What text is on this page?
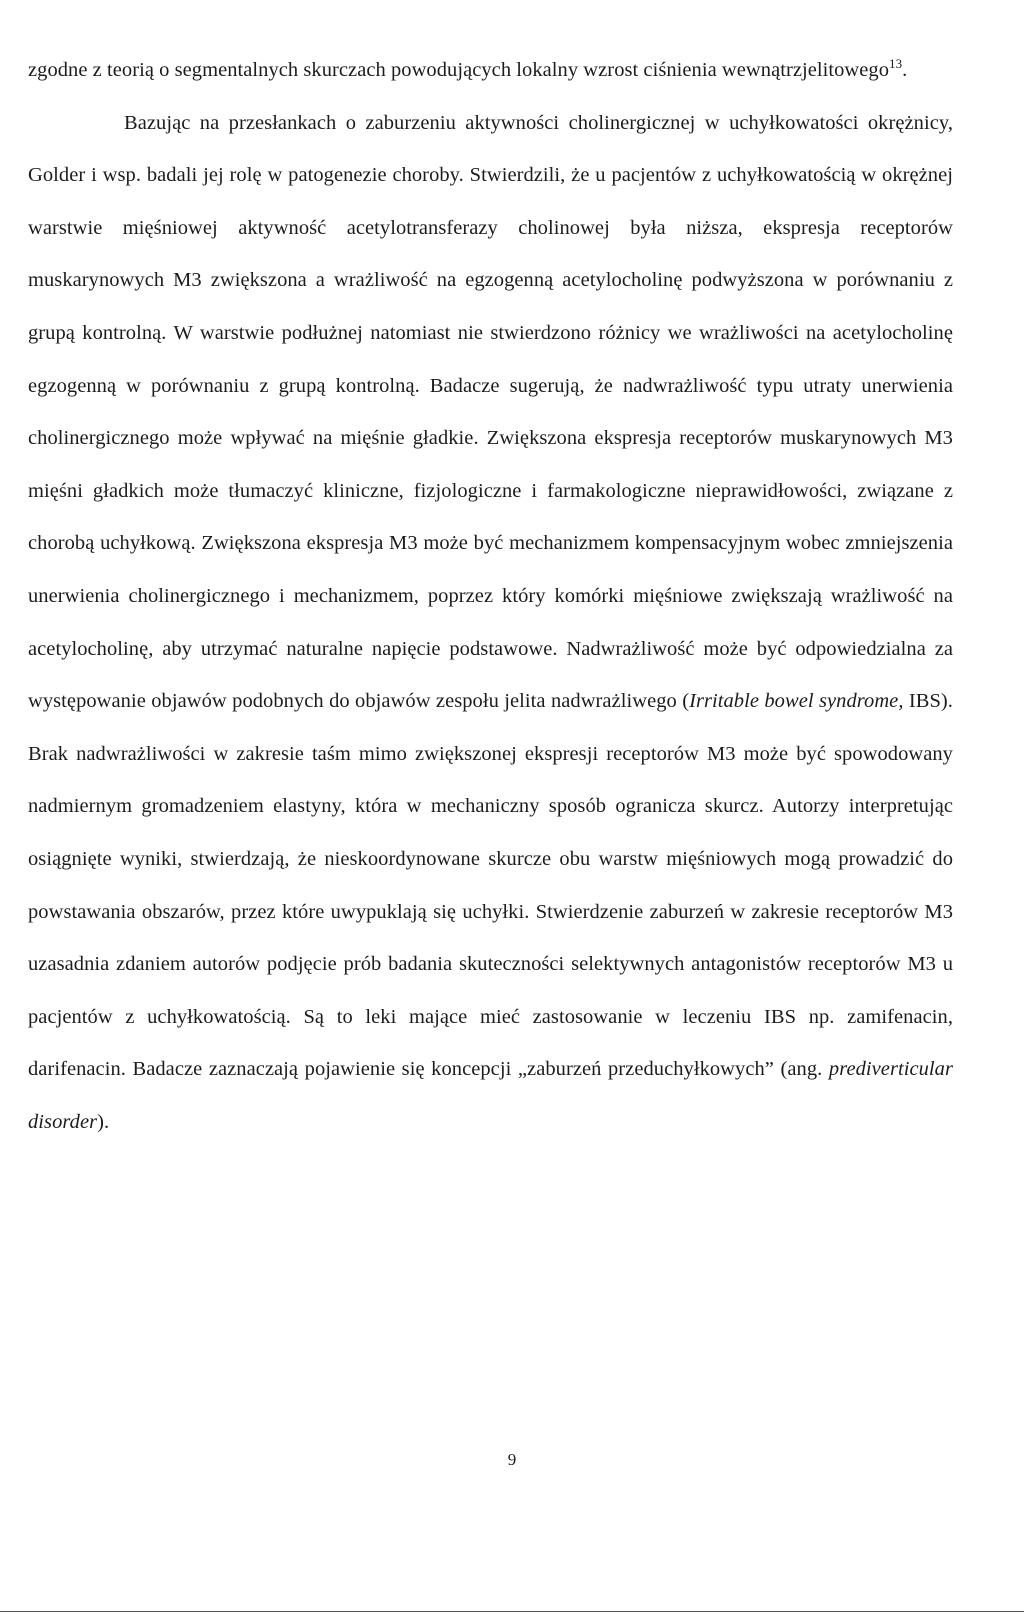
zgodne z teorią o segmentalnych skurczach powodujących lokalny wzrost ciśnienia wewnątrzjelitowego$^{13}$.

Bazując na przesłankach o zaburzeniu aktywności cholinergicznej w uchyłkowatości okrężnicy, Golder i wsp. badali jej rolę w patogenezie choroby. Stwierdzili, że u pacjentów z uchyłkowatością w okrężnej warstwie mięśniowej aktywność acetylotransferazy cholinowej była niższa, ekspresja receptorów muskarynowych M3 zwiększona a wrażliwość na egzogenną acetylocholinę podwyższona w porównaniu z grupą kontrolną. W warstwie podłużnej natomiast nie stwierdzono różnicy we wrażliwości na acetylocholinę egzogenną w porównaniu z grupą kontrolną. Badacze sugerują, że nadwrażliwość typu utraty unerwienia cholinergicznego może wpływać na mięśnie gładkie. Zwiększona ekspresja receptorów muskarynowych M3 mięśni gładkich może tłumaczyć kliniczne, fizjologiczne i farmakologiczne nieprawidłowości, związane z chorobą uchyłkową. Zwiększona ekspresja M3 może być mechanizmem kompensacyjnym wobec zmniejszenia unerwienia cholinergicznego i mechanizmem, poprzez który komórki mięśniowe zwiększają wrażliwość na acetylocholinę, aby utrzymać naturalne napięcie podstawowe. Nadwrażliwość może być odpowiedzialna za występowanie objawów podobnych do objawów zespołu jelita nadwrażliwego (Irritable bowel syndrome, IBS). Brak nadwrażliwości w zakresie taśm mimo zwiększonej ekspresji receptorów M3 może być spowodowany nadmiernym gromadzeniem elastyny, która w mechaniczny sposób ogranicza skurcz. Autorzy interpretując osiągnięte wyniki, stwierdzają, że nieskoordynowane skurcze obu warstw mięśniowych mogą prowadzić do powstawania obszarów, przez które uwypuklają się uchyłki. Stwierdzenie zaburzeń w zakresie receptorów M3 uzasadnia zdaniem autorów podjęcie prób badania skuteczności selektywnych antagonistów receptorów M3 u pacjentów z uchyłkowatością. Są to leki mające mieć zastosowanie w leczeniu IBS np. zamifenacin, darifenacin. Badacze zaznaczają pojawienie się koncepcji „zaburzeń przeduchyłkowych” (ang. prediverticular disorder).

9
